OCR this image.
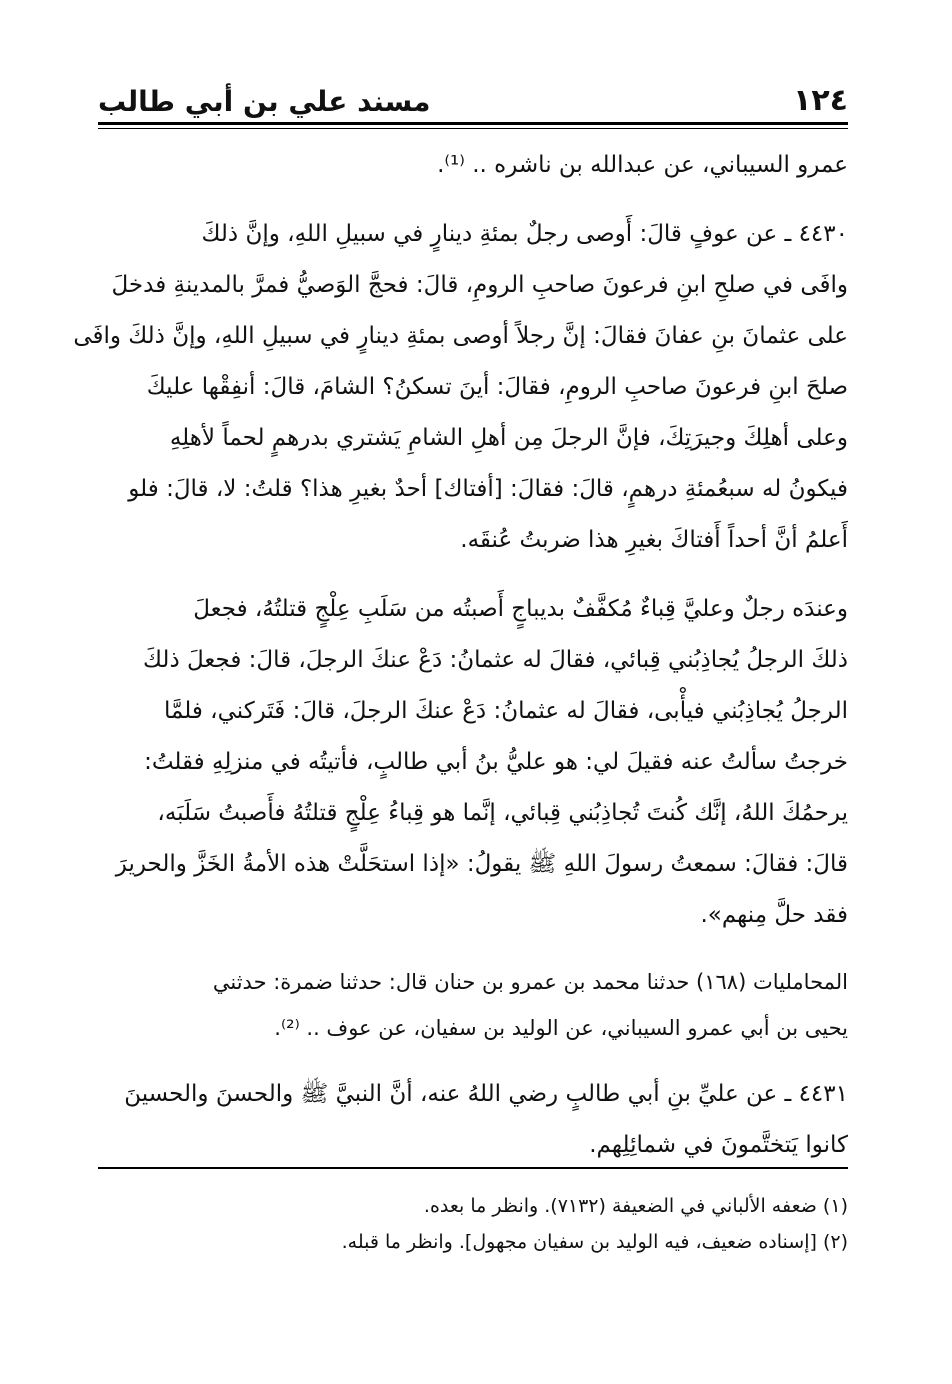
١٢٤
مسند علي بن أبي طالب
عمرو السيباني، عن عبدالله بن ناشره .. ⁽¹⁾.
٤٤٣٠ ـ عن عوفٍ قالَ: أَوصى رجلٌ بمئةِ دينارٍ في سبيلِ اللهِ، وإنَّ ذلكَ
وافَى في صلحِ ابنِ فرعونَ صاحبِ الرومِ، قالَ: فحجَّ الوَصيُّ فمرَّ بالمدينةِ فدخلَ
على عثمانَ بنِ عفانَ فقالَ: إنَّ رجلاً أوصى بمئةِ دينارٍ في سبيلِ اللهِ، وإنَّ ذلكَ وافَى
صلحَ ابنِ فرعونَ صاحبِ الرومِ، فقالَ: أينَ تسكنُ؟ الشامَ، قالَ: أنفِقْها عليكَ
وعلى أهلِكَ وجيرَتِكَ، فإنَّ الرجلَ مِن أهلِ الشامِ يَشتري بدرهمٍ لحماً لأهلِهِ
فيكونُ له سبعُمئةِ درهمٍ، قالَ: فقالَ: [أفتاك] أحدٌ بغيرِ هذا؟ قلتُ: لا، قالَ: فلو
أَعلمُ أنَّ أحداً أَفتاكَ بغيرِ هذا ضربتُ عُنقَه.
وعندَه رجلٌ وعليَّ قِباءٌ مُكفَّفٌ بديباجٍ أَصبتُه من سَلَبِ عِلْجٍ قتلتُهُ، فجعلَ
ذلكَ الرجلُ يُجاذِبُني قِبائي، فقالَ له عثمانُ: دَعْ عنكَ الرجلَ، قالَ: فجعلَ ذلكَ
الرجلُ يُجاذِبُني فيأْبى، فقالَ له عثمانُ: دَعْ عنكَ الرجلَ، قالَ: فَتَركني، فلمَّا
خرجتُ سألتُ عنه فقيلَ لي: هو عليُّ بنُ أبي طالبٍ، فأتيتُه في منزلِهِ فقلتُ:
يرحمُكَ اللهُ، إنَّك كُنتَ تُجاذِبُني قِبائي، إنَّما هو قِباءُ عِلْجٍ قتلتُهُ فأَصبتُ سَلَبَه،
قالَ: فقالَ: سمعتُ رسولَ اللهِ ﷺ يقولُ: «إذا استحَلَّتْ هذه الأمةُ الخَزَّ والحريرَ
فقد حلَّ مِنهم».
المحامليات (١٦٨) حدثنا محمد بن عمرو بن حنان قال: حدثنا ضمرة: حدثني
يحيى بن أبي عمرو السيباني، عن الوليد بن سفيان، عن عوف .. ⁽²⁾.
٤٤٣١ ـ عن عليِّ بنِ أبي طالبٍ رضي اللهُ عنه، أنَّ النبيَّ ﷺ والحسنَ والحسينَ
كانوا يَتختَّمونَ في شمائِلِهم.
(١) ضعفه الألباني في الضعيفة (٧١٣٢). وانظر ما بعده.
(٢) [إسناده ضعيف، فيه الوليد بن سفيان مجهول]. وانظر ما قبله.
